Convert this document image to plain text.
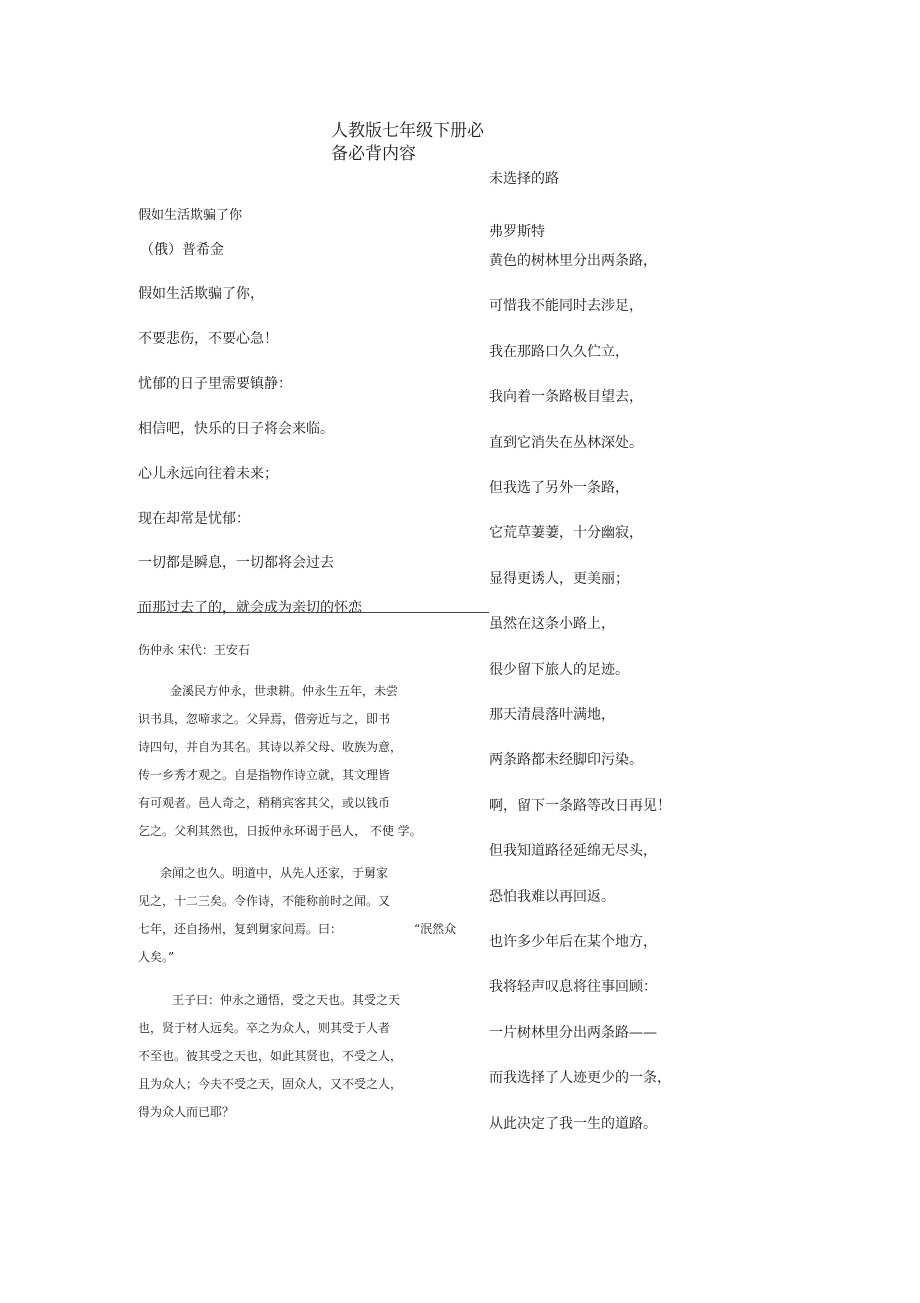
人教版七年级下册必
备必背内容
假如生活欺骗了你
（俄）普希金
假如生活欺骗了你，
不要悲伤，不要心急！
忧郁的日子里需要镇静：
相信吧，快乐的日子将会来临。
心儿永远向往着未来；
现在却常是忧郁：
一切都是瞬息，一切都将会过去
而那过去了的，就会成为亲切的怀恋
伤仲永 宋代：王安石
金溪民方仲永，世隶耕。仲永生五年，未尝
识书具，忽啼求之。父异焉，借旁近与之，即书
诗四句，并自为其名。其诗以养父母、收族为意，
传一乡秀才观之。自是指物作诗立就，其文理皆
有可观者。邑人奇之，稍稍宾客其父，或以钱币
乞之。父利其然也，日扳仲永环谒于邑人， 不使 学。
余闻之也久。明道中，从先人还家，于舅家
见之，十二三矣。令作诗，不能称前时之闻。又
七年，还自扬州，复到舅家问焉。曰：	“泯然众
人矣。”
王子曰：仲永之通悟，受之天也。其受之天
也，贤于材人远矣。卒之为众人，则其受于人者
不至也。彼其受之天也，如此其贤也，不受之人，
且为众人；今夫不受之天，固众人，又不受之人，
得为众人而已耶？
未选择的路
弗罗斯特
黄色的树林里分出两条路，
可惜我不能同时去涉足，
我在那路口久久伫立，
我向着一条路极目望去，
直到它消失在丛林深处。
但我选了另外一条路，
它荒草萋萋，十分幽寂，
显得更诱人，更美丽；
虽然在这条小路上，
很少留下旅人的足迹。
那天清晨落叶满地，
两条路都未经脚印污染。
啊，留下一条路等改日再见！
但我知道路径延绵无尽头，
恐怕我难以再回返。
也许多少年后在某个地方，
我将轻声叹息将往事回顾：
一片树林里分出两条路——
而我选择了人迹更少的一条，
从此决定了我一生的道路。
